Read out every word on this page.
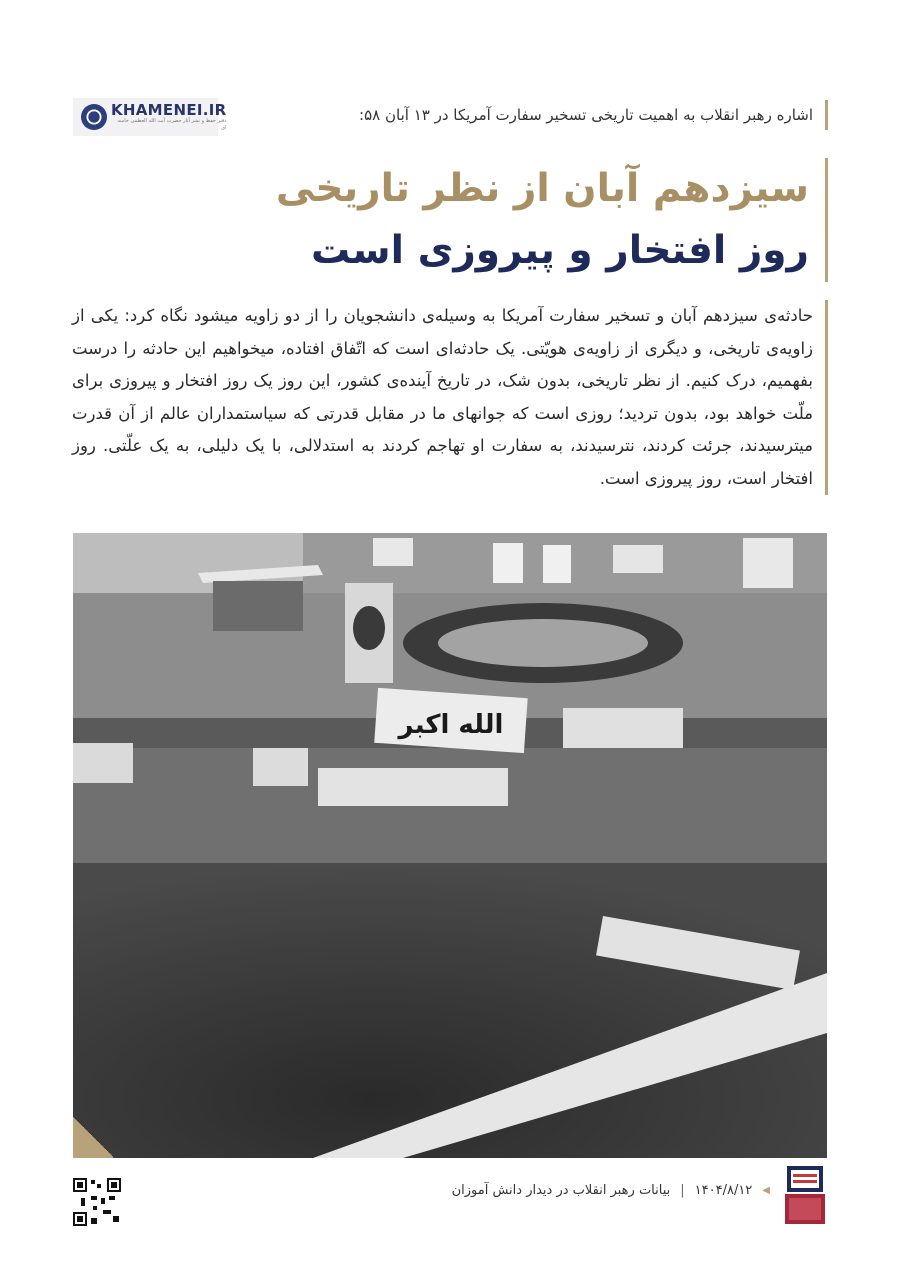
KHAMENEI.IR
دفتر حفظ و نشر آثار حضرت آیت الله العظمی خامنه ای
اشاره رهبر انقلاب به اهمیت تاریخی تسخیر سفارت آمریکا در ۱۳ آبان ۵۸:
سیزدهم آبان از نظر تاریخی
روز افتخار و پیروزی است
حادثه‌ی سیزدهم آبان و تسخیر سفارت آمریکا به وسیله‌ی دانشجویان را از دو زاویه میشود نگاه کرد: یکی از زاویه‌ی تاریخی، و دیگری از زاویه‌ی هویّتی. یک حادثه‌ای است که اتّفاق افتاده، میخواهیم این حادثه را درست بفهمیم، درک کنیم. از نظر تاریخی، بدون شک، در تاریخ آینده‌ی کشور، این روز یک روز افتخار و پیروزی برای ملّت خواهد بود، بدون تردید؛ روزی است که جوانهای ما در مقابل قدرتی که سیاستمداران عالم از آن قدرت میترسیدند، جرئت کردند، نترسیدند، به سفارت او تهاجم کردند به استدلالی، با یک دلیلی، به یک علّتی. روز افتخار است، روز پیروزی است.
الله اکبر
◀
۱۴۰۴/۸/۱۲
|
بیانات رهبر انقلاب در دیدار دانش آموزان
